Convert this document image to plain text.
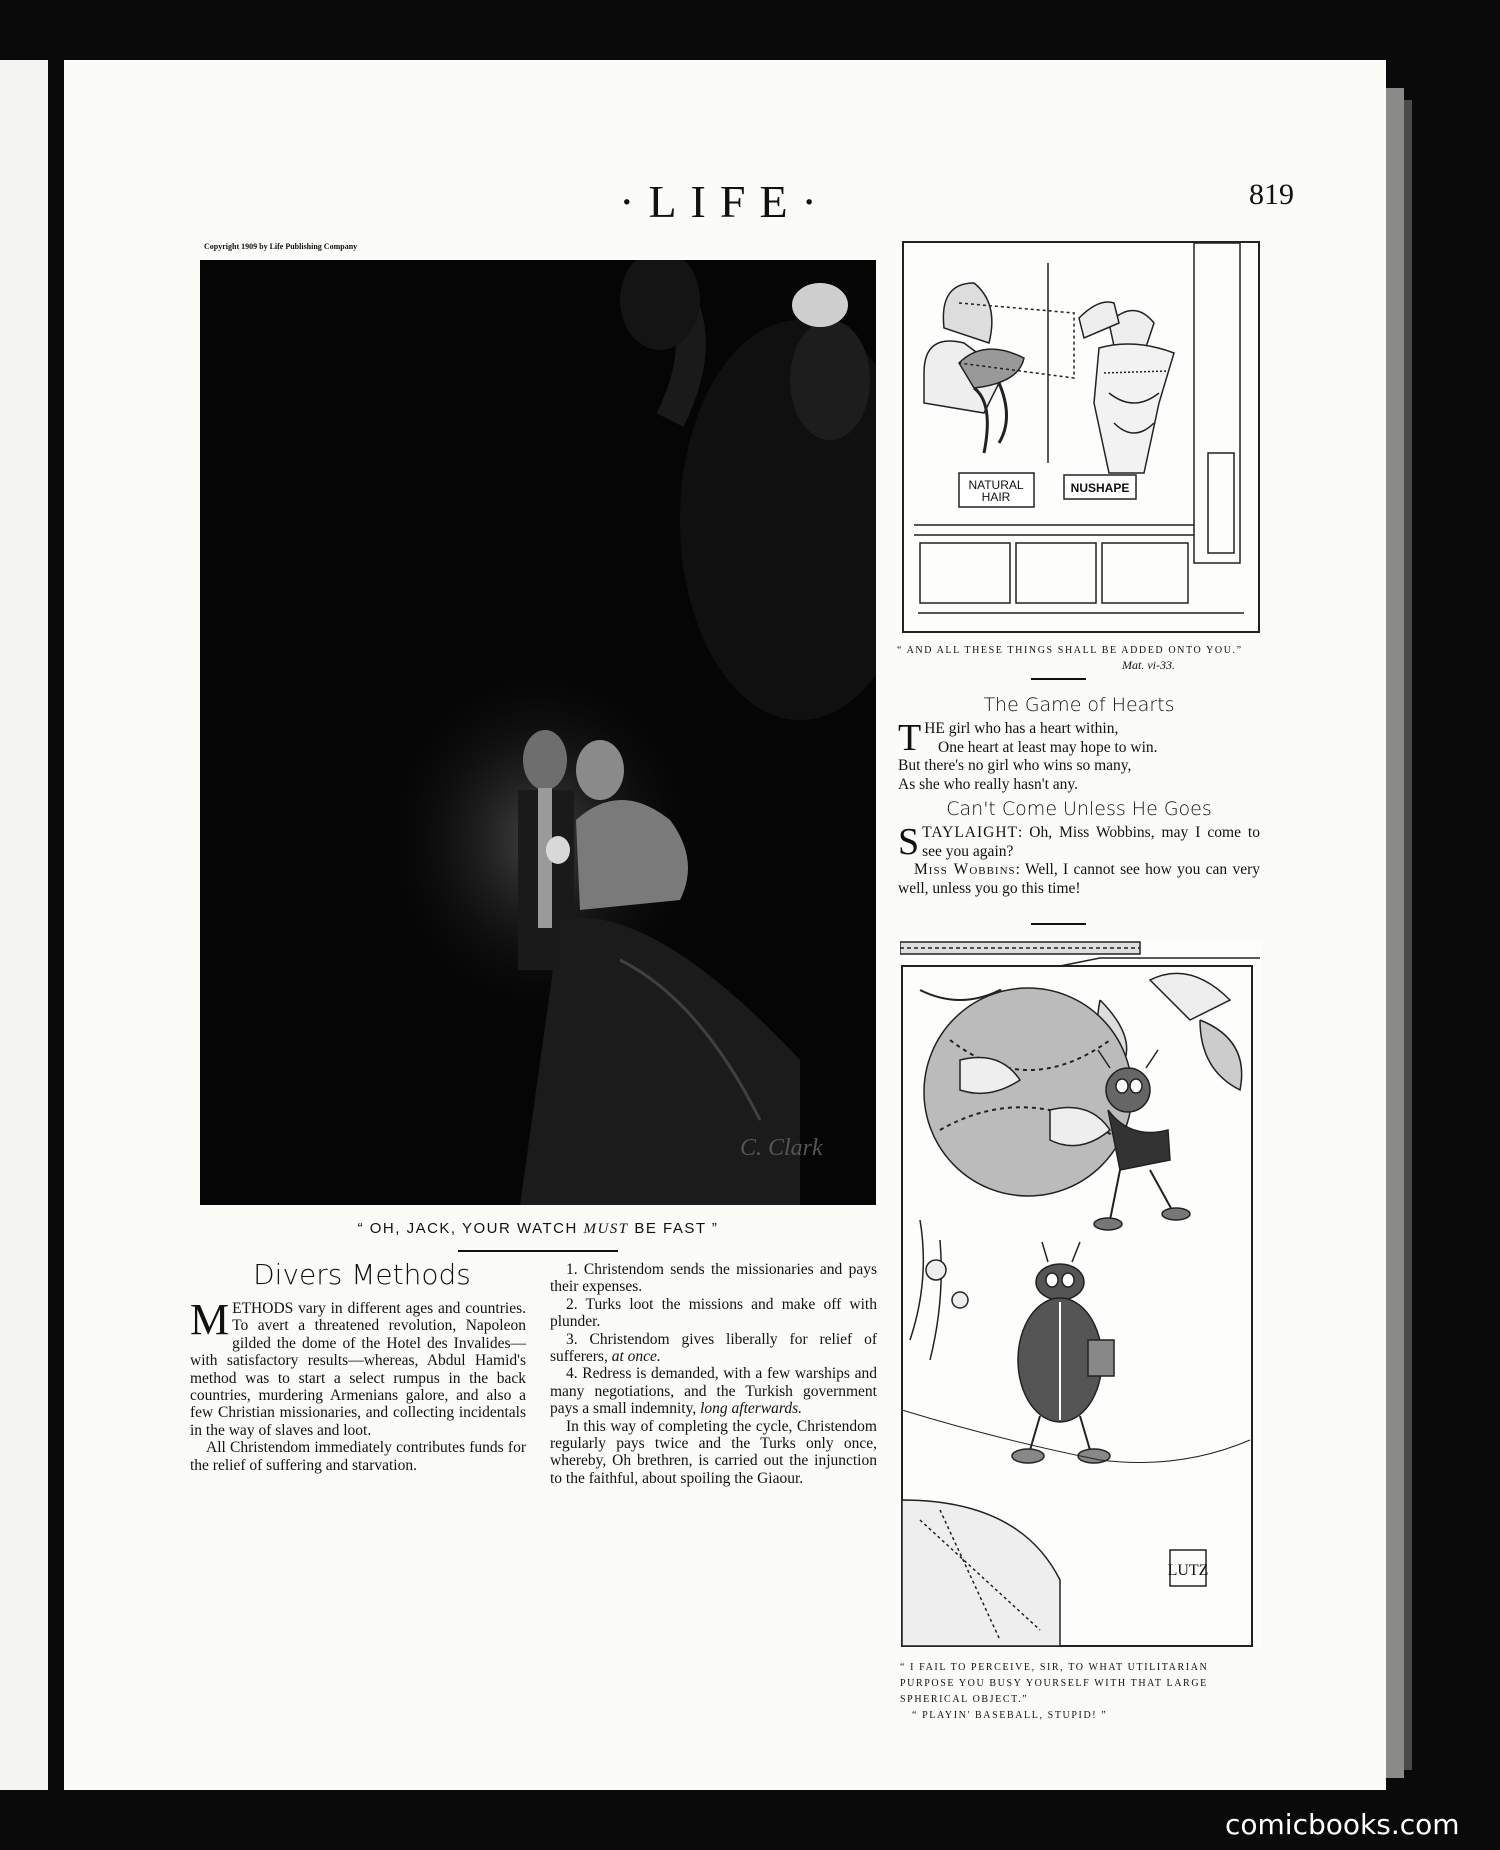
·LIFE·	819
Copyright 1909 by Life Publishing Company
C. Clark
“ OH, JACK, YOUR WATCH MUST BE FAST ”
Divers Methods

METHODS vary in different ages and countries. To avert a threatened revolution, Napoleon gilded the dome of the Hotel des Invalides—with satisfactory results—whereas, Abdul Hamid's method was to start a select rumpus in the back countries, murdering Armenians galore, and also a few Christian missionaries, and collecting incidentals in the way of slaves and loot.

All Christendom immediately contributes funds for the relief of suffering and starvation.

1. Christendom sends the missionaries and pays their expenses.

2. Turks loot the missions and make off with plunder.

3. Christendom gives liberally for relief of sufferers, at once.

4. Redress is demanded, with a few warships and many negotiations, and the Turkish government pays a small indemnity, long afterwards.

In this way of completing the cycle, Christendom regularly pays twice and the Turks only once, whereby, Oh brethren, is carried out the injunction to the faithful, about spoiling the Giaour.

NATURAL
HAIR
NUSHAPE
“ AND ALL THESE THINGS SHALL BE ADDED ONTO YOU.”
Mat. vi-33.
The Game of Hearts
THE girl who has a heart within,
One heart at least may hope to win.
But there's no girl who wins so many,
As she who really hasn't any.
Can't Come Unless He Goes
STAYLAIGHT: Oh, Miss Wobbins, may I come to see you again?
Miss Wobbins: Well, I cannot see how you can very well, unless you go this time!
LUTZ
“ I FAIL TO PERCEIVE, SIR, TO WHAT UTILITARIAN PURPOSE YOU BUSY YOURSELF WITH THAT LARGE SPHERICAL OBJECT.”
“ PLAYIN' BASEBALL, STUPID! ”
comicbooks.com
